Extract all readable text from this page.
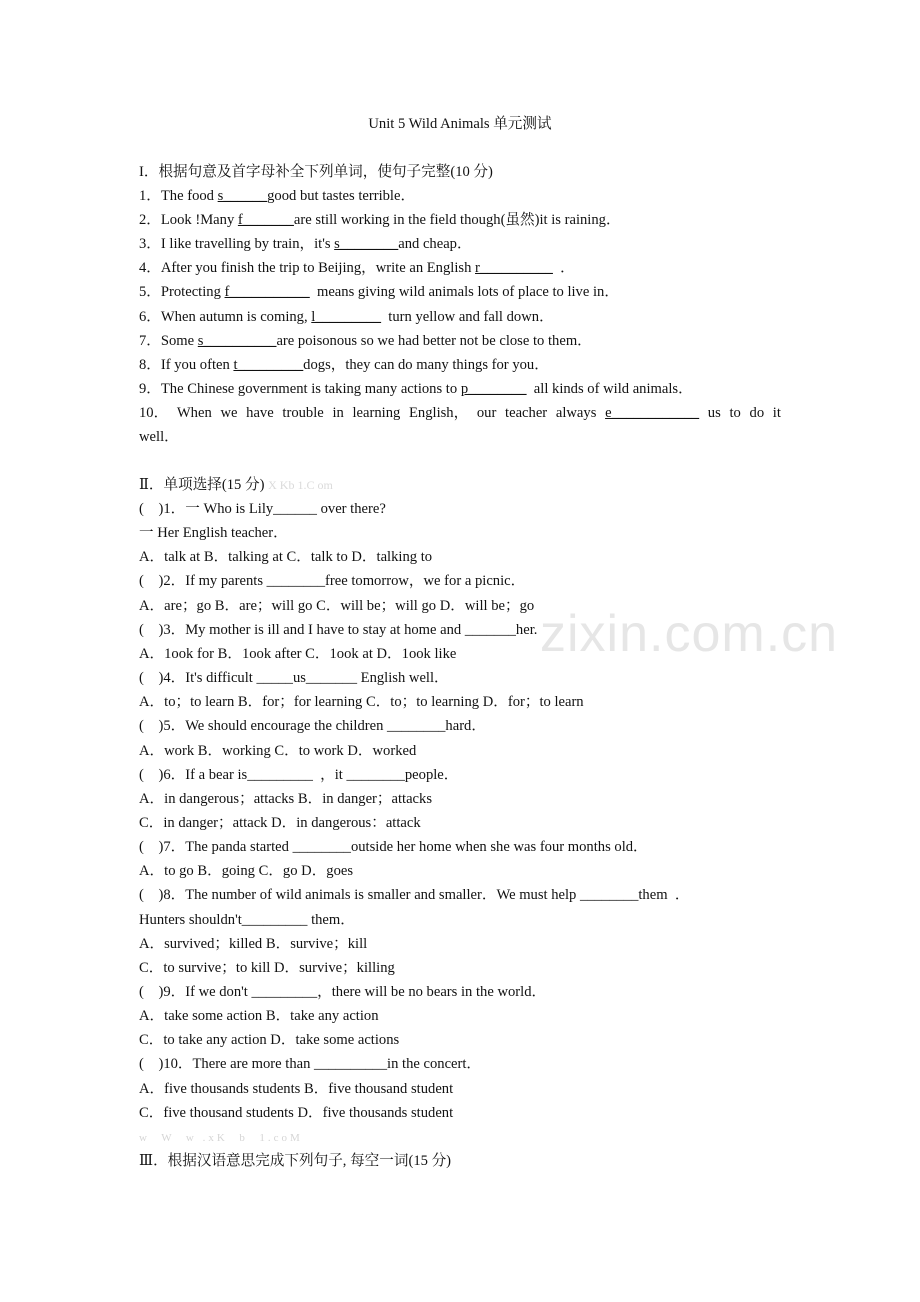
zixin.com.cn
Unit 5 Wild Animals 单元测试
I．根据句意及首字母补全下列单词，使句子完整(10 分)
1．The food s______good but tastes terrible．
2．Look !Many f_______are still working in the field though(虽然)it is raining．
3．I like travelling by train，it's s________and cheap．
4．After you finish the trip to Beijing，write an English r__________  ．
5．Protecting f___________  means giving wild animals lots of place to live in．
6．When autumn is coming, l_________  turn yellow and fall down．
7．Some s__________are poisonous so we had better not be close to them．
8．If you often t_________dogs，they can do many things for you．
9．The Chinese government is taking many actions to p________  all kinds of wild animals．
10． When we have trouble in learning English， our teacher always e____________ us to do it
well．
Ⅱ．单项选择(15 分) X Kb 1.C om
(    )1．一 Who is Lily______ over there?
一 Her English teacher．
A．talk at B．talking at C．talk to D．talking to
(    )2．If my parents ________free tomorrow，we for a picnic．
A．are；go B．are；will go C．will be；will go D．will be；go
(    )3．My mother is ill and I have to stay at home and _______her.
A．1ook for B．1ook after C．1ook at D．1ook like
(    )4．It's difficult _____us_______ English well．
A．to；to learn B．for；for learning C．to；to learning D．for；to learn
(    )5．We should encourage the children ________hard．
A．work B．working C．to work D．worked
(    )6．If a bear is_________  ，it ________people．
A．in dangerous；attacks B．in danger；attacks
C．in danger；attack D．in dangerous：attack
(    )7．The panda started ________outside her home when she was four months old．
A．to go B．going C．go D．goes
(    )8．The number of wild animals is smaller and smaller．We must help ________them  ．
Hunters shouldn't_________ them．
A．survived；killed B．survive；kill
C．to survive；to kill D．survive；killing
(    )9．If we don't _________，there will be no bears in the world．
A．take some action B．take any action
C．to take any action D．take some actions
(    )10．There are more than __________in the concert．
A．five thousands students B．five thousand student
C．five thousand students D．five thousands student
w  W  w .xK  b  1.coM
Ⅲ．根据汉语意思完成下列句子, 每空一词(15 分)
